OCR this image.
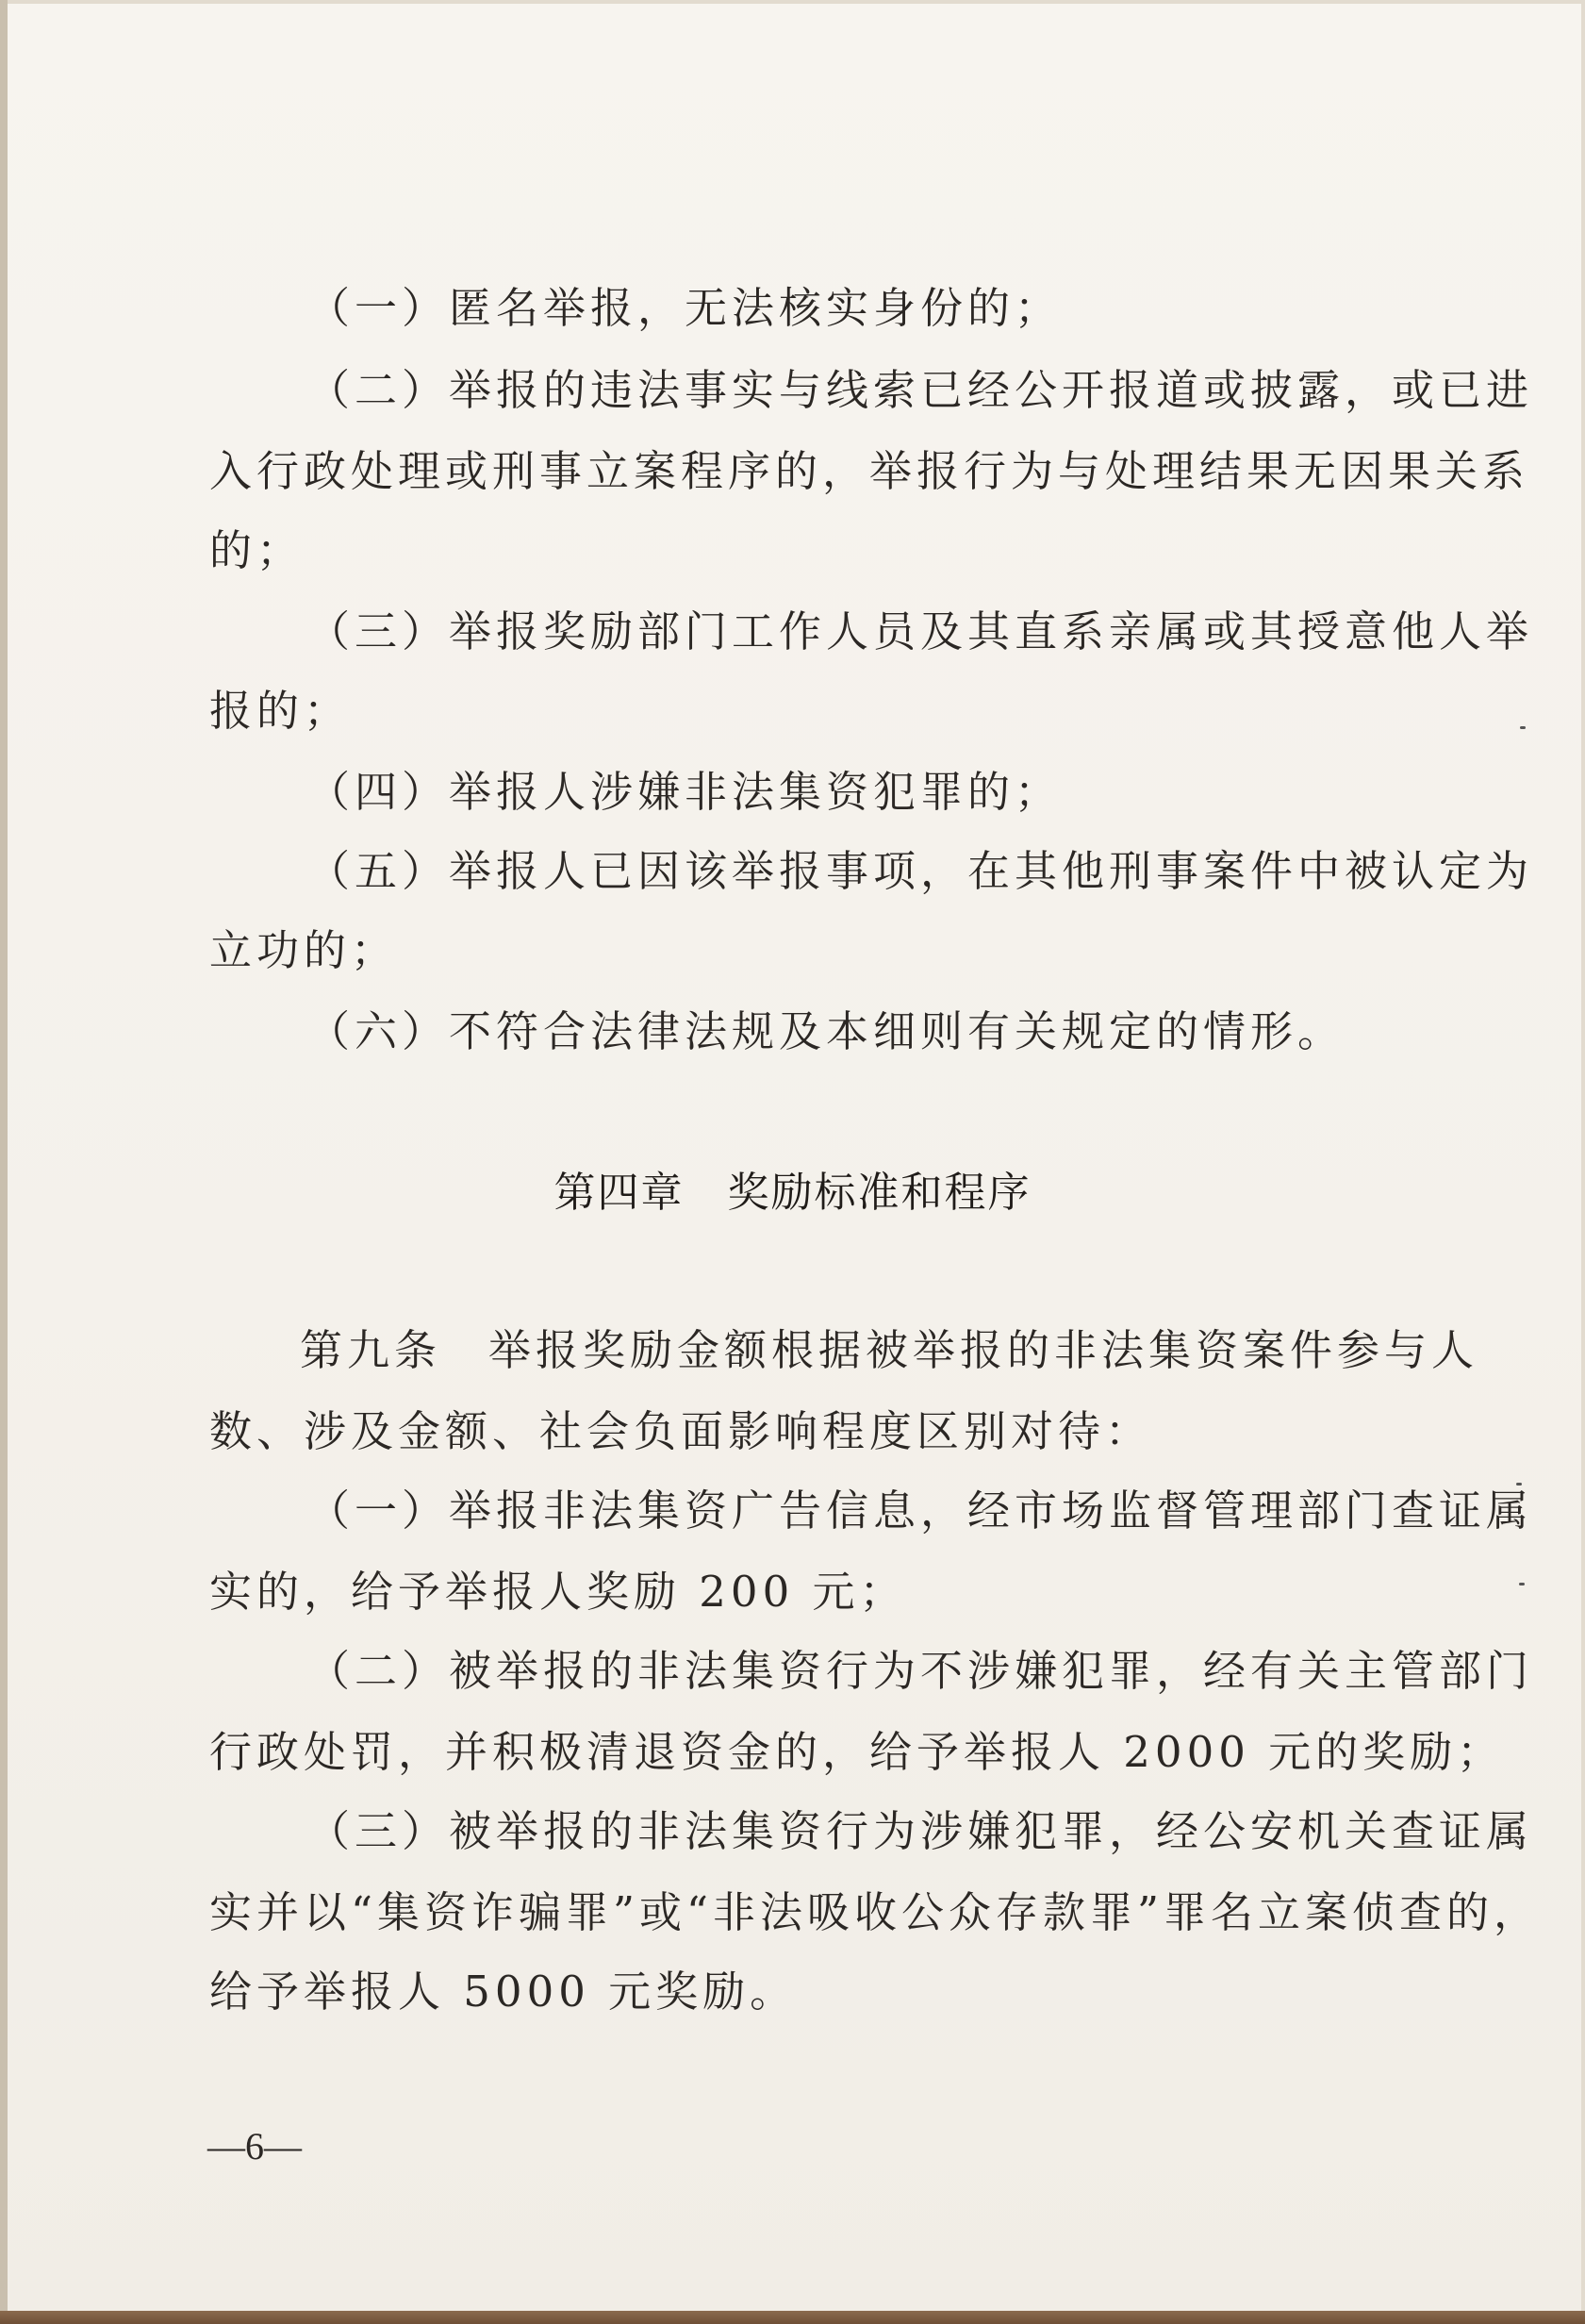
（一）匿名举报，无法核实身份的；
（二）举报的违法事实与线索已经公开报道或披露，或已进
入行政处理或刑事立案程序的，举报行为与处理结果无因果关系
的；
（三）举报奖励部门工作人员及其直系亲属或其授意他人举
报的；
（四）举报人涉嫌非法集资犯罪的；
（五）举报人已因该举报事项，在其他刑事案件中被认定为
立功的；
（六）不符合法律法规及本细则有关规定的情形。
第四章　奖励标准和程序
第九条　举报奖励金额根据被举报的非法集资案件参与人
数、涉及金额、社会负面影响程度区别对待：
（一）举报非法集资广告信息，经市场监督管理部门查证属
实的，给予举报人奖励 200 元；
（二）被举报的非法集资行为不涉嫌犯罪，经有关主管部门
行政处罚，并积极清退资金的，给予举报人 2000 元的奖励；
（三）被举报的非法集资行为涉嫌犯罪，经公安机关查证属
实并以“集资诈骗罪”或“非法吸收公众存款罪”罪名立案侦查的，
给予举报人 5000 元奖励。
—6—
